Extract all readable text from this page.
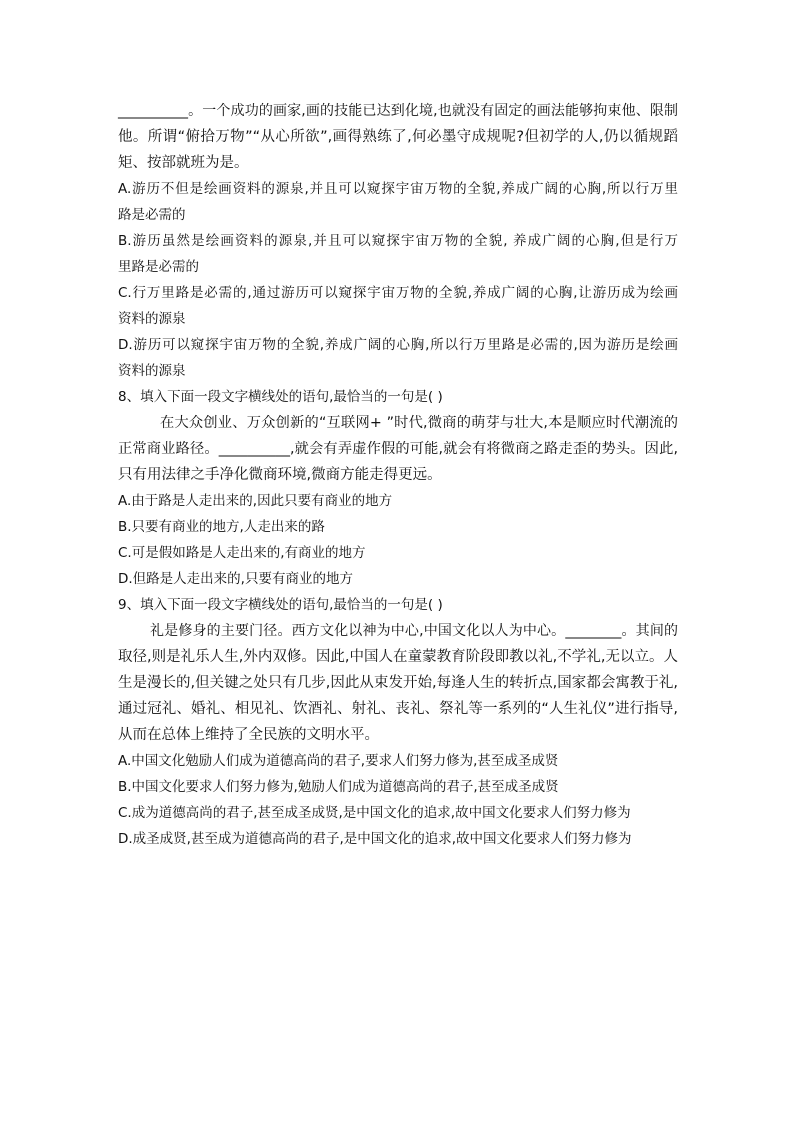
__________。一个成功的画家,画的技能已达到化境,也就没有固定的画法能够拘束他、限制
他。所谓“俯拾万物”“从心所欲”,画得熟练了,何必墨守成规呢?但初学的人,仍以循规蹈
矩、按部就班为是。
A.游历不但是绘画资料的源泉,并且可以窥探宇宙万物的全貌,养成广阔的心胸,所以行万里
路是必需的
B.游历虽然是绘画资料的源泉,并且可以窥探宇宙万物的全貌, 养成广阔的心胸,但是行万
里路是必需的
C.行万里路是必需的,通过游历可以窥探宇宙万物的全貌,养成广阔的心胸,让游历成为绘画
资料的源泉
D.游历可以窥探宇宙万物的全貌,养成广阔的心胸,所以行万里路是必需的,因为游历是绘画
资料的源泉
8、填入下面一段文字横线处的语句,最恰当的一句是( )
在大众创业、万众创新的“互联网+ ”时代,微商的萌芽与壮大,本是顺应时代潮流的
正常商业路径。__________,就会有弄虚作假的可能,就会有将微商之路走歪的势头。因此,
只有用法律之手净化微商环境,微商方能走得更远。
A.由于路是人走出来的,因此只要有商业的地方
B.只要有商业的地方,人走出来的路
C.可是假如路是人走出来的,有商业的地方
D.但路是人走出来的,只要有商业的地方
9、填入下面一段文字横线处的语句,最恰当的一句是( )
礼是修身的主要门径。西方文化以神为中心,中国文化以人为中心。________。其间的
取径,则是礼乐人生,外内双修。因此,中国人在童蒙教育阶段即教以礼,不学礼,无以立。人
生是漫长的,但关键之处只有几步,因此从束发开始,每逢人生的转折点,国家都会寓教于礼,
通过冠礼、婚礼、相见礼、饮酒礼、射礼、丧礼、祭礼等一系列的“人生礼仪”进行指导,
从而在总体上维持了全民族的文明水平。
A.中国文化勉励人们成为道德高尚的君子,要求人们努力修为,甚至成圣成贤
B.中国文化要求人们努力修为,勉励人们成为道德高尚的君子,甚至成圣成贤
C.成为道德高尚的君子,甚至成圣成贤,是中国文化的追求,故中国文化要求人们努力修为
D.成圣成贤,甚至成为道德高尚的君子,是中国文化的追求,故中国文化要求人们努力修为
